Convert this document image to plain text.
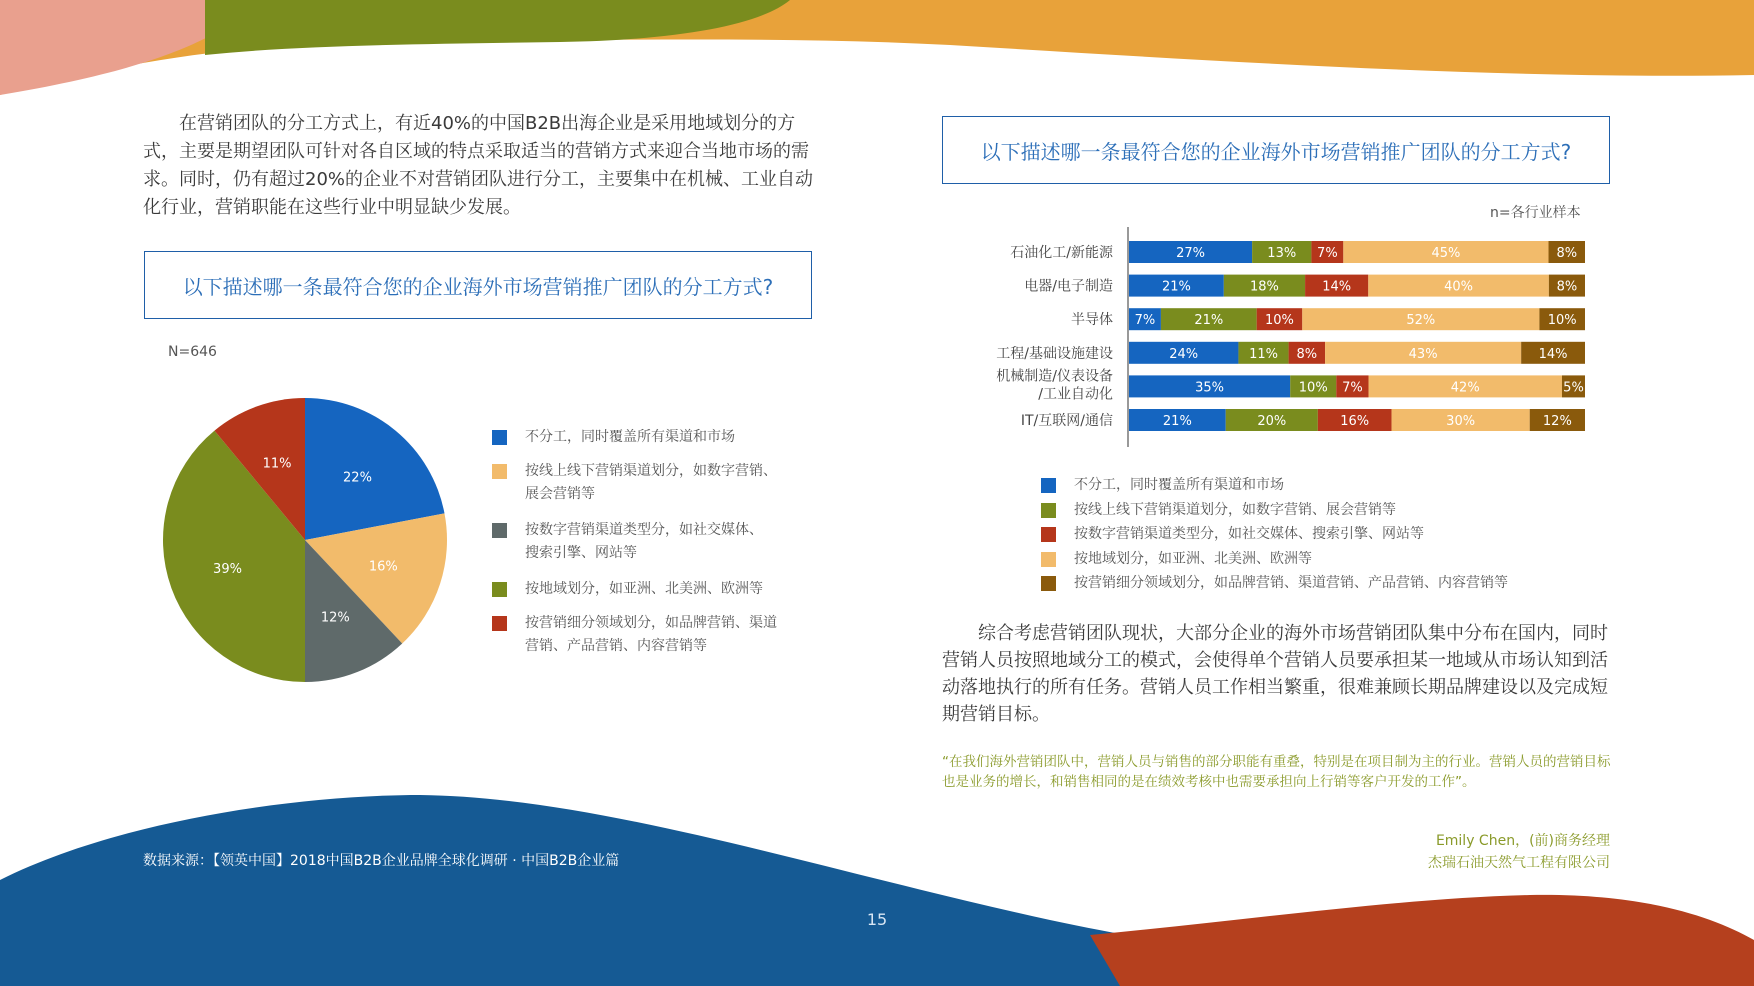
在营销团队的分工方式上，有近40%的中国B2B出海企业是采用地域划分的方式，主要是期望团队可针对各自区域的特点采取适当的营销方式来迎合当地市场的需求。同时，仍有超过20%的企业不对营销团队进行分工，主要集中在机械、工业自动化行业，营销职能在这些行业中明显缺少发展。

以下描述哪一条最符合您的企业海外市场营销推广团队的分工方式?
N=646
22%
16%
12%
39%
11%
不分工，同时覆盖所有渠道和市场
按线上线下营销渠道划分，如数字营销、
展会营销等
按数字营销渠道类型分，如社交媒体、
搜索引擎、网站等
按地域划分，如亚洲、北美洲、欧洲等
按营销细分领域划分，如品牌营销、渠道
营销、产品营销、内容营销等
以下描述哪一条最符合您的企业海外市场营销推广团队的分工方式?
n=各行业样本
石油化工/新能源	27%	13% 7%	45%	8%
电器/电子制造	21%	18%	14%	40%	8%
半导体 7%	21%	10%	52%	10%
工程/基础设施建设	24%	11% 8%	43%	14%
机械制造/仪表设备/工业自动化	35%	10% 7%	42%	5%
IT/互联网/通信	21%	20%	16%	30%	12%
不分工，同时覆盖所有渠道和市场
按线上线下营销渠道划分，如数字营销、展会营销等
按数字营销渠道类型分，如社交媒体、搜索引擎、网站等
按地域划分，如亚洲、北美洲、欧洲等
按营销细分领域划分，如品牌营销、渠道营销、产品营销、内容营销等

综合考虑营销团队现状，大部分企业的海外市场营销团队集中分布在国内，同时营销人员按照地域分工的模式，会使得单个营销人员要承担某一地域从市场认知到活动落地执行的所有任务。营销人员工作相当繁重，很难兼顾长期品牌建设以及完成短期营销目标。

“在我们海外营销团队中，营销人员与销售的部分职能有重叠，特别是在项目制为主的行业。营销人员的营销目标也是业务的增长，和销售相同的是在绩效考核中也需要承担向上行销等客户开发的工作”。

Emily Chen，(前)商务经理
杰瑞石油天然气工程有限公司
数据来源：【领英中国】2018中国B2B企业品牌全球化调研 · 中国B2B企业篇
15
